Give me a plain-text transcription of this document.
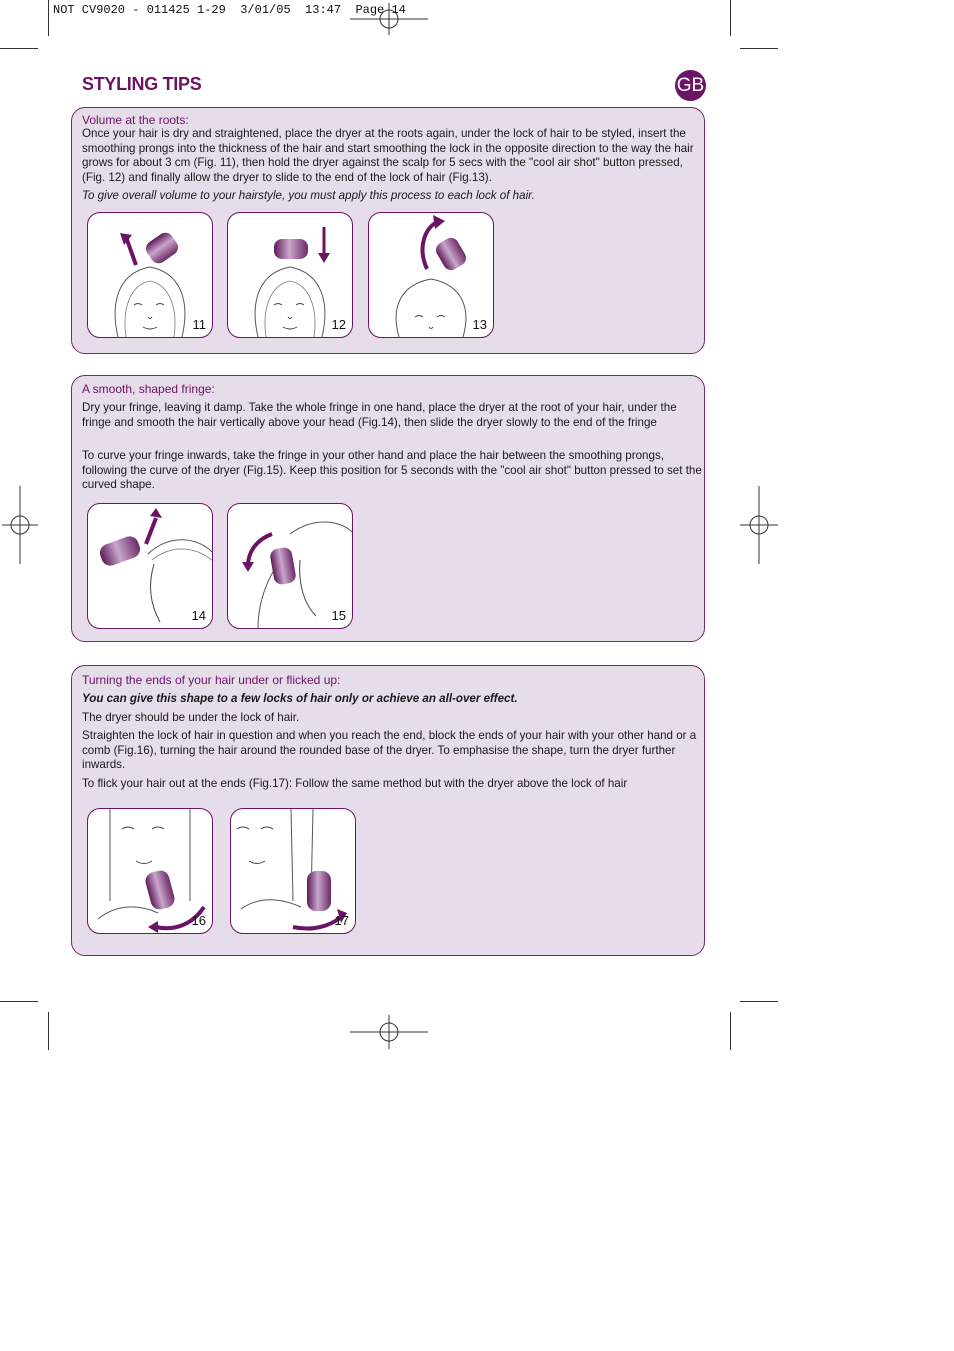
NOT CV9020 - 011425 1-29  3/01/05  13:47  Page 14
STYLING TIPS	GB
Volume at the roots:

Once your hair is dry and straightened, place the dryer at the roots again, under the lock of hair to be styled, insert the smoothing prongs into the thickness of the hair and start smoothing the lock in the opposite direction to the way the hair grows for about 3 cm (Fig. 11), then hold the dryer against the scalp for 5 secs with the "cool air shot" button pressed, (Fig. 12) and finally allow the dryer to slide to the end of the lock of hair (Fig.13).

To give overall volume to your hairstyle, you must apply this process to each lock of hair.

11	12	13
A smooth, shaped fringe:

Dry your fringe, leaving it damp. Take the whole fringe in one hand, place the dryer at the root of your hair, under the fringe and smooth the hair vertically above your head (Fig.14), then slide the dryer slowly to the end of the fringe

To curve your fringe inwards, take the fringe in your other hand and place the hair between the smoothing prongs, following the curve of the dryer (Fig.15). Keep this position for 5 seconds with the "cool air shot" button pressed to set the curved shape.

14	15
Turning the ends of your hair under or flicked up:

You can give this shape to a few locks of hair only or achieve an all-over effect.

The dryer should be under the lock of hair.

Straighten the lock of hair in question and when you reach the end, block the ends of your hair with your other hand or a comb (Fig.16), turning the hair around the rounded base of the dryer. To emphasise the shape, turn the dryer further inwards.

To flick your hair out at the ends (Fig.17): Follow the same method but with the dryer above the lock of hair

16	17
